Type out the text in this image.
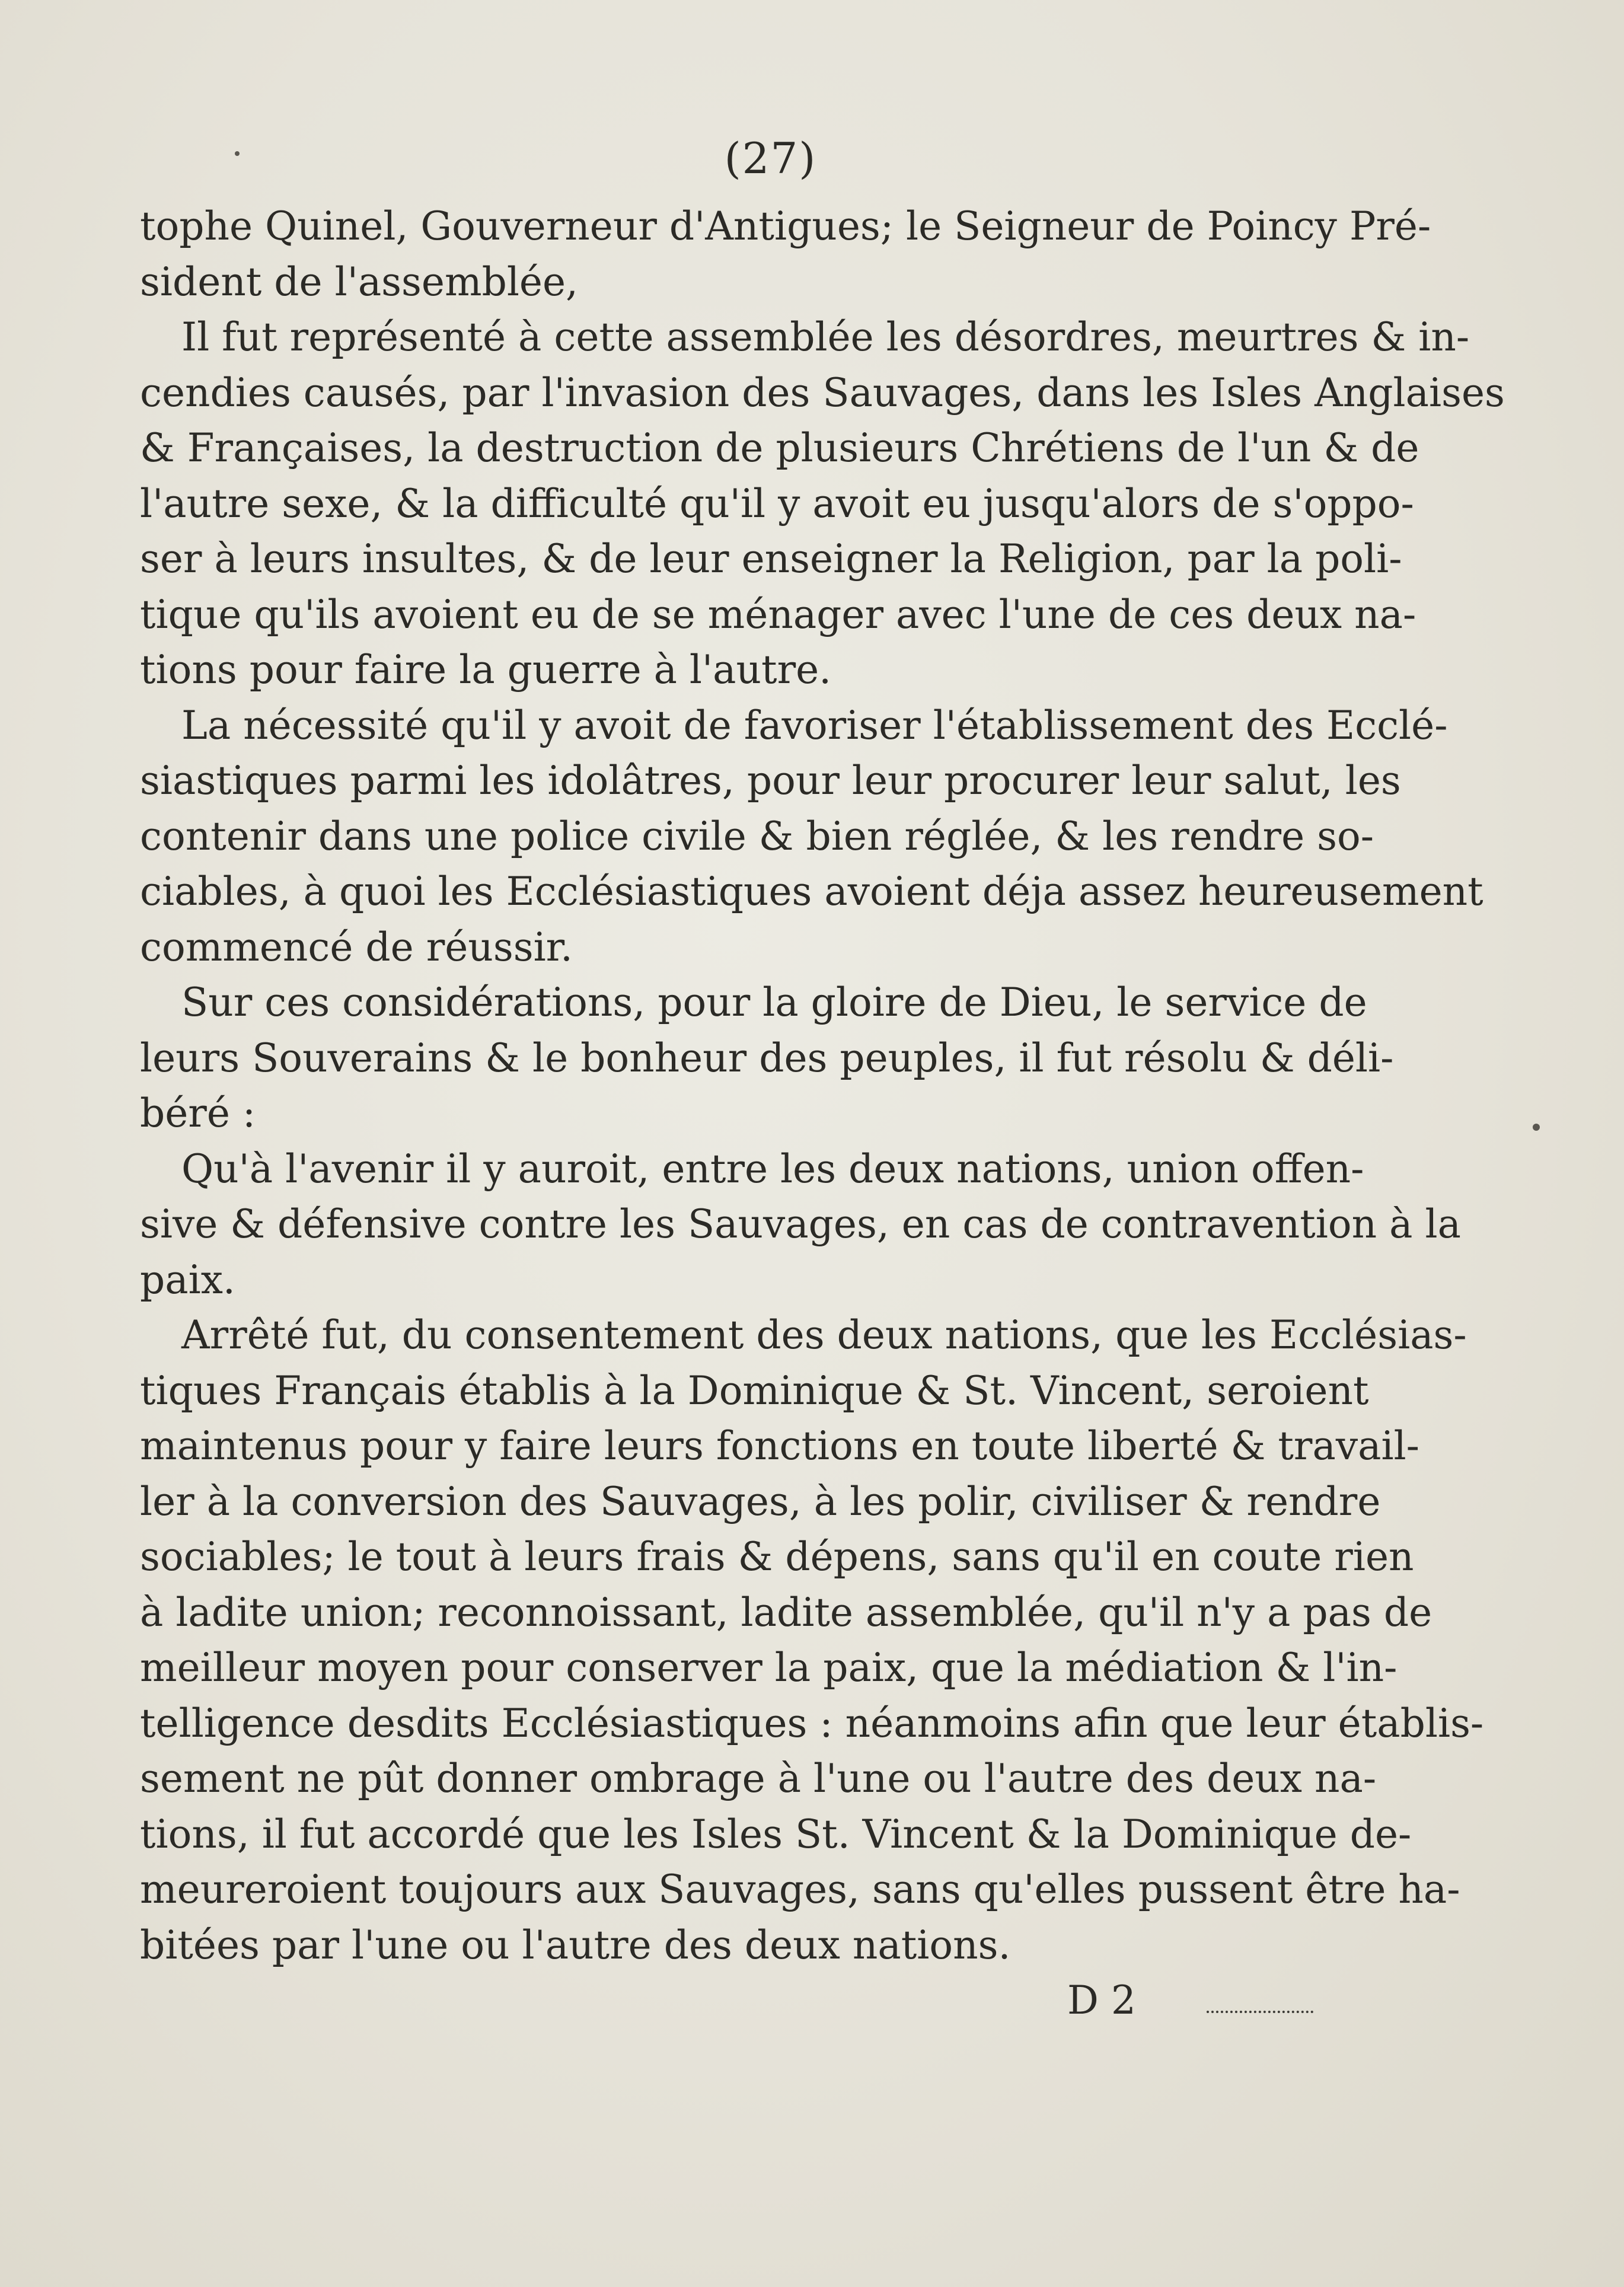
(27)
tophe Quinel, Gouverneur d'Antigues; le Seigneur de Poincy Pré-
sident de l'assemblée,
Il fut représenté à cette assemblée les désordres, meurtres & in-
cendies causés, par l'invasion des Sauvages, dans les Isles Anglaises
& Françaises, la destruction de plusieurs Chrétiens de l'un & de
l'autre sexe, & la difficulté qu'il y avoit eu jusqu'alors de s'oppo-
ser à leurs insultes, & de leur enseigner la Religion, par la poli-
tique qu'ils avoient eu de se ménager avec l'une de ces deux na-
tions pour faire la guerre à l'autre.
La nécessité qu'il y avoit de favoriser l'établissement des Ecclé-
siastiques parmi les idolâtres, pour leur procurer leur salut, les
contenir dans une police civile & bien réglée, & les rendre so-
ciables, à quoi les Ecclésiastiques avoient déja assez heureusement
commencé de réussir.
Sur ces considérations, pour la gloire de Dieu, le service de
leurs Souverains & le bonheur des peuples, il fut résolu & déli-
béré :
Qu'à l'avenir il y auroit, entre les deux nations, union offen-
sive & défensive contre les Sauvages, en cas de contravention à la
paix.
Arrêté fut, du consentement des deux nations, que les Ecclésias-
tiques Français établis à la Dominique & St. Vincent, seroient
maintenus pour y faire leurs fonctions en toute liberté & travail-
ler à la conversion des Sauvages, à les polir, civiliser & rendre
sociables; le tout à leurs frais & dépens, sans qu'il en coute rien
à ladite union; reconnoissant, ladite assemblée, qu'il n'y a pas de
meilleur moyen pour conserver la paix, que la médiation & l'in-
telligence desdits Ecclésiastiques : néanmoins afin que leur établis-
sement ne pût donner ombrage à l'une ou l'autre des deux na-
tions, il fut accordé que les Isles St. Vincent & la Dominique de-
meureroient toujours aux Sauvages, sans qu'elles pussent être ha-
bitées par l'une ou l'autre des deux nations.
D 2
